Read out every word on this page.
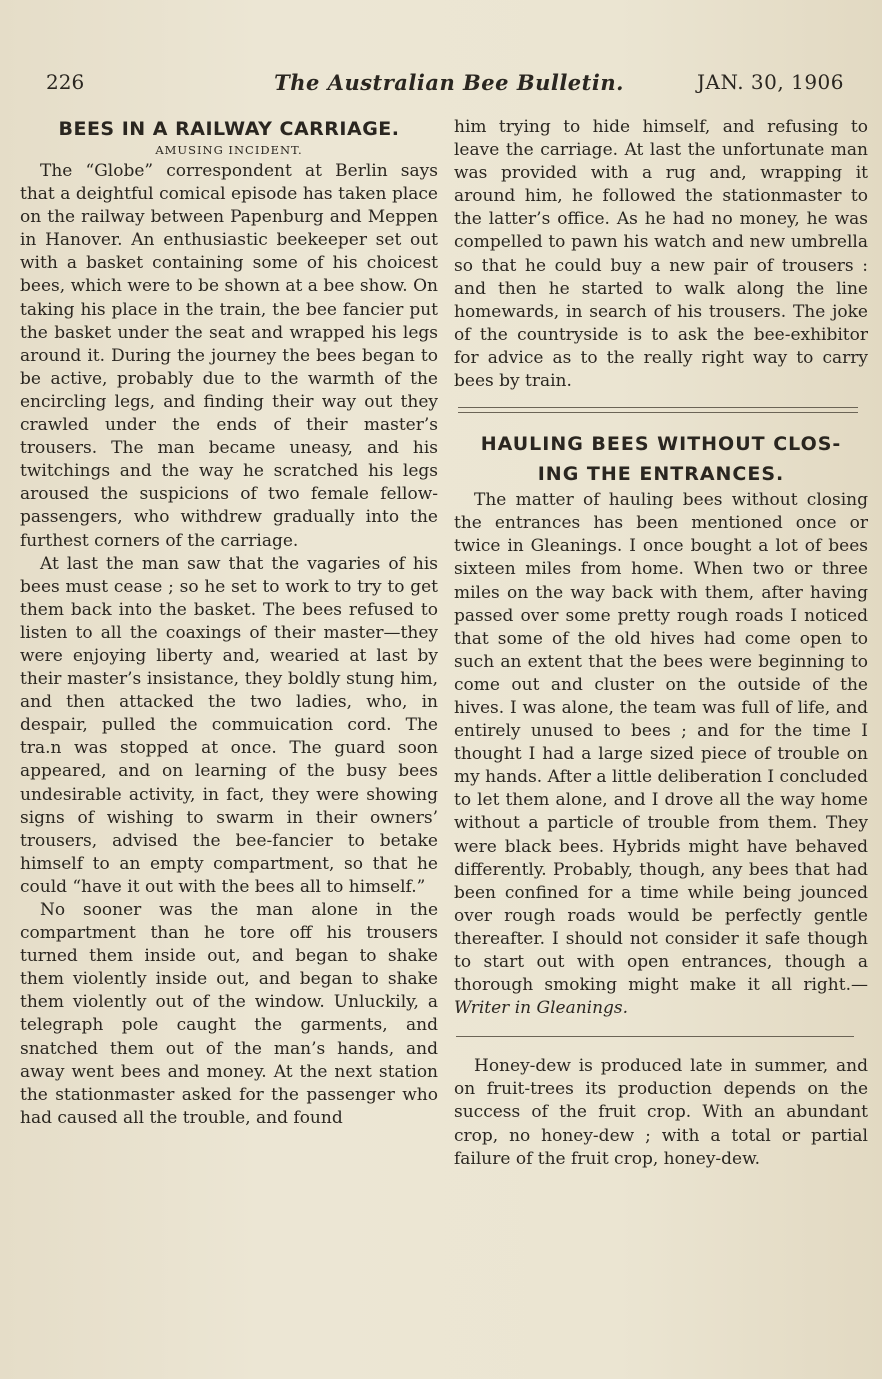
226	The Australian Bee Bulletin.	JAN. 30, 1906
BEES IN A RAILWAY CARRIAGE.
AMUSING INCIDENT.

The “Globe” correspondent at Berlin says that a deightful comical episode has taken place on the railway between Papenburg and Meppen in Hanover. An enthusiastic beekeeper set out with a basket containing some of his choicest bees, which were to be shown at a bee show. On taking his place in the train, the bee fancier put the basket under the seat and wrapped his legs around it. During the journey the bees began to be active, probably due to the warmth of the encircling legs, and finding their way out they crawled under the ends of their master’s trousers. The man became uneasy, and his twitchings and the way he scratched his legs aroused the suspicions of two female fellow-passengers, who withdrew gradually into the furthest corners of the carriage.

At last the man saw that the vagaries of his bees must cease ; so he set to work to try to get them back into the basket. The bees refused to listen to all the coaxings of their master—they were enjoying liberty and, wearied at last by their master’s insistance, they boldly stung him, and then attacked the two ladies, who, in despair, pulled the commuication cord. The tra.n was stopped at once. The guard soon appeared, and on learning of the busy bees undesirable activity, in fact, they were showing signs of wishing to swarm in their owners’ trousers, advised the bee-fancier to betake himself to an empty compartment, so that he could “have it out with the bees all to himself.”

No sooner was the man alone in the compartment than he tore off his trousers turned them inside out, and began to shake them violently inside out, and began to shake them violently out of the window. Unluckily, a telegraph pole caught the garments, and snatched them out of the man’s hands, and away went bees and money. At the next station the stationmaster asked for the passenger who had caused all the trouble, and found

him trying to hide himself, and refusing to leave the carriage. At last the unfortunate man was provided with a rug and, wrapping it around him, he followed the stationmaster to the latter’s office. As he had no money, he was compelled to pawn his watch and new umbrella so that he could buy a new pair of trousers : and then he started to walk along the line homewards, in search of his trousers. The joke of the countryside is to ask the bee-exhibitor for advice as to the really right way to carry bees by train.

HAULING BEES WITHOUT CLOS-
ING THE ENTRANCES.

The matter of hauling bees without closing the entrances has been mentioned once or twice in Gleanings. I once bought a lot of bees sixteen miles from home. When two or three miles on the way back with them, after having passed over some pretty rough roads I noticed that some of the old hives had come open to such an extent that the bees were beginning to come out and cluster on the outside of the hives. I was alone, the team was full of life, and entirely unused to bees ; and for the time I thought I had a large sized piece of trouble on my hands. After a little deliberation I concluded to let them alone, and I drove all the way home without a particle of trouble from them. They were black bees. Hybrids might have behaved differently. Probably, though, any bees that had been confined for a time while being jounced over rough roads would be perfectly gentle thereafter. I should not consider it safe though to start out with open entrances, though a thorough smoking might make it all right.—Writer in Gleanings.

Honey-dew is produced late in summer, and on fruit-trees its production depends on the success of the fruit crop. With an abundant crop, no honey-dew ; with a total or partial failure of the fruit crop, honey-dew.
